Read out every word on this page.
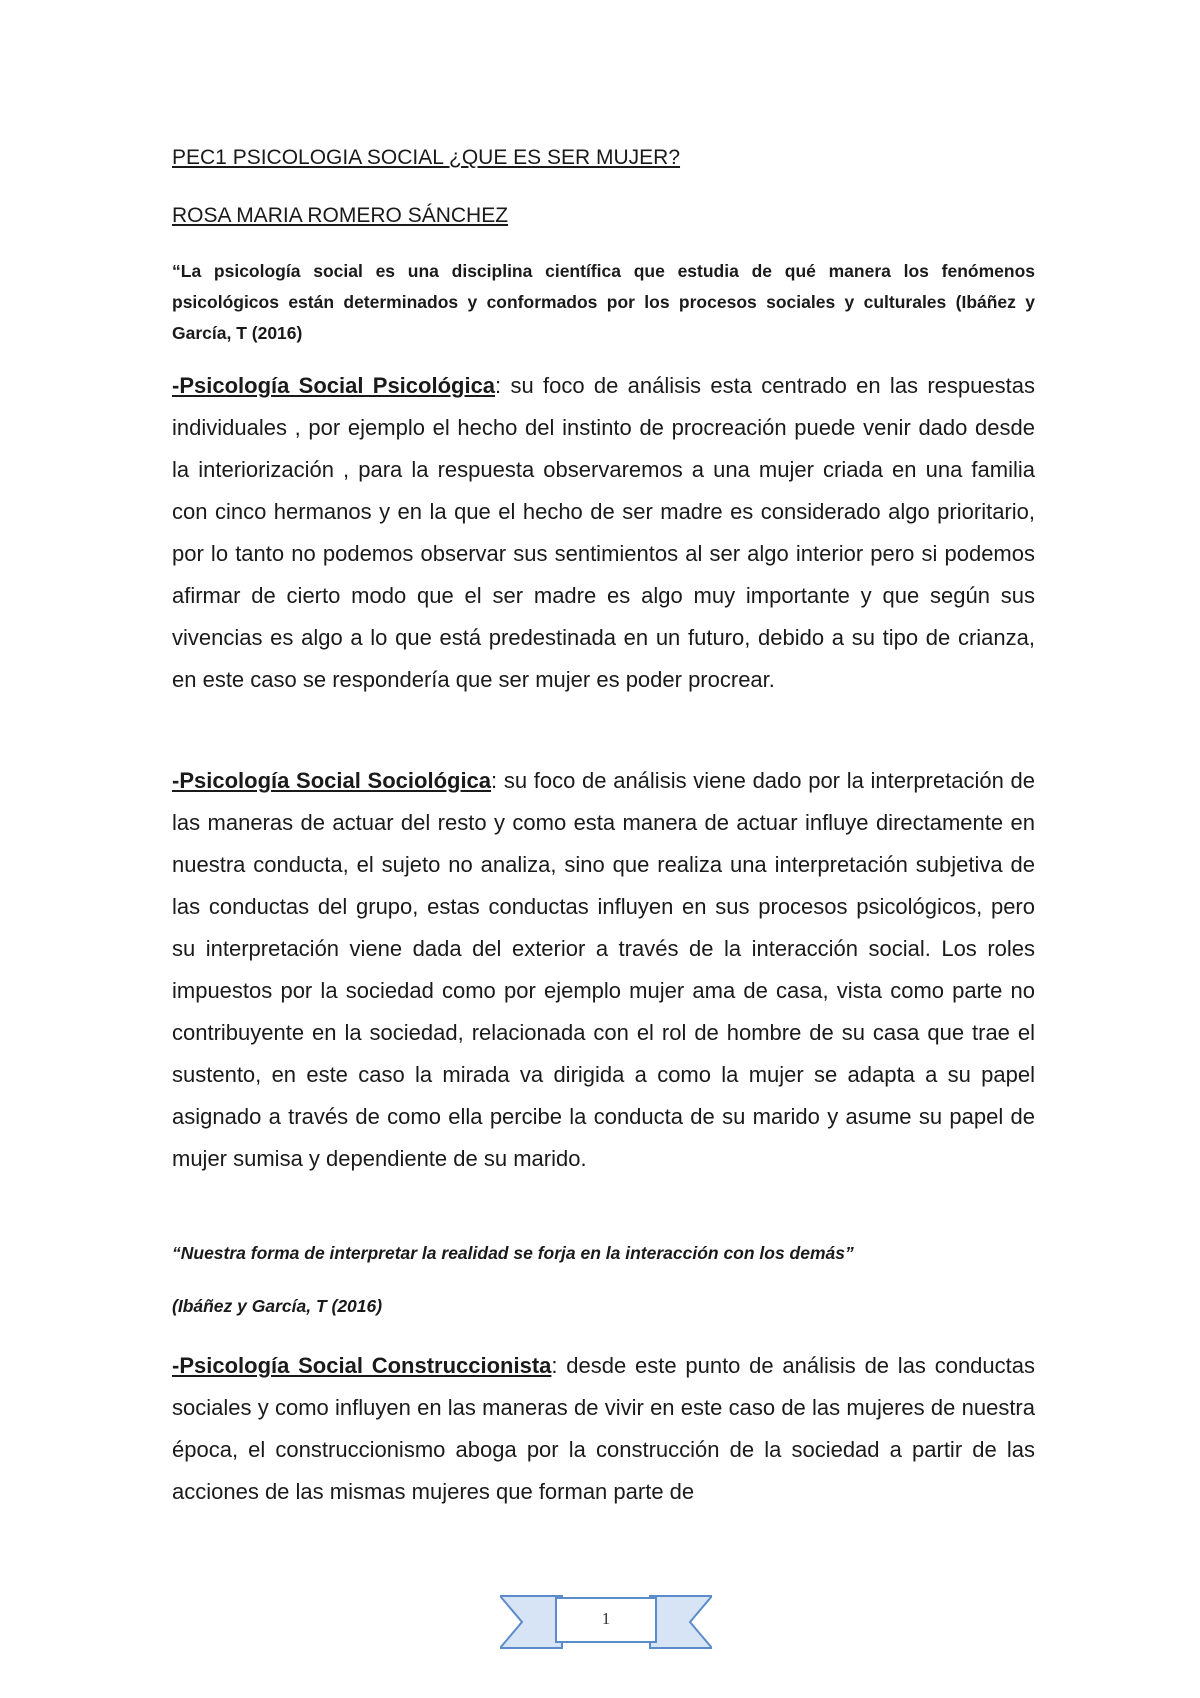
PEC1 PSICOLOGIA SOCIAL ¿QUE ES SER MUJER?
ROSA MARIA ROMERO SÁNCHEZ

“La psicología social es una disciplina científica que estudia de qué manera los fenómenos psicológicos están determinados y conformados por los procesos sociales y culturales (Ibáñez y García, T (2016)

-Psicología Social Psicológica: su foco de análisis esta centrado en las respuestas individuales , por ejemplo el hecho del instinto de procreación puede venir dado desde la interiorización , para la respuesta observaremos a una mujer criada en una familia con cinco hermanos y en la que el hecho de ser madre es considerado algo prioritario, por lo tanto no podemos observar sus sentimientos al ser algo interior pero si podemos afirmar de cierto modo que el ser madre es algo muy importante y que según sus vivencias es algo a lo que está predestinada en un futuro, debido a su tipo de crianza, en este caso se respondería que ser mujer es poder procrear.

-Psicología Social Sociológica: su foco de análisis viene dado por la interpretación de las maneras de actuar del resto y como esta manera de actuar influye directamente en nuestra conducta, el sujeto no analiza, sino que realiza una interpretación subjetiva de las conductas del grupo, estas conductas influyen en sus procesos psicológicos, pero su interpretación viene dada del exterior a través de la interacción social. Los roles impuestos por la sociedad como por ejemplo mujer ama de casa, vista como parte no contribuyente en la sociedad, relacionada con el rol de hombre de su casa que trae el sustento, en este caso la mirada va dirigida a como la mujer se adapta a su papel asignado a través de como ella percibe la conducta de su marido y asume su papel de mujer sumisa y dependiente de su marido.

“Nuestra forma de interpretar la realidad se forja en la interacción con los demás”

(Ibáñez y García, T (2016)

-Psicología Social Construccionista: desde este punto de análisis de las conductas sociales y como influyen en las maneras de vivir en este caso de las mujeres de nuestra época, el construccionismo aboga por la construcción de la sociedad a partir de las acciones de las mismas mujeres que forman parte de

1
